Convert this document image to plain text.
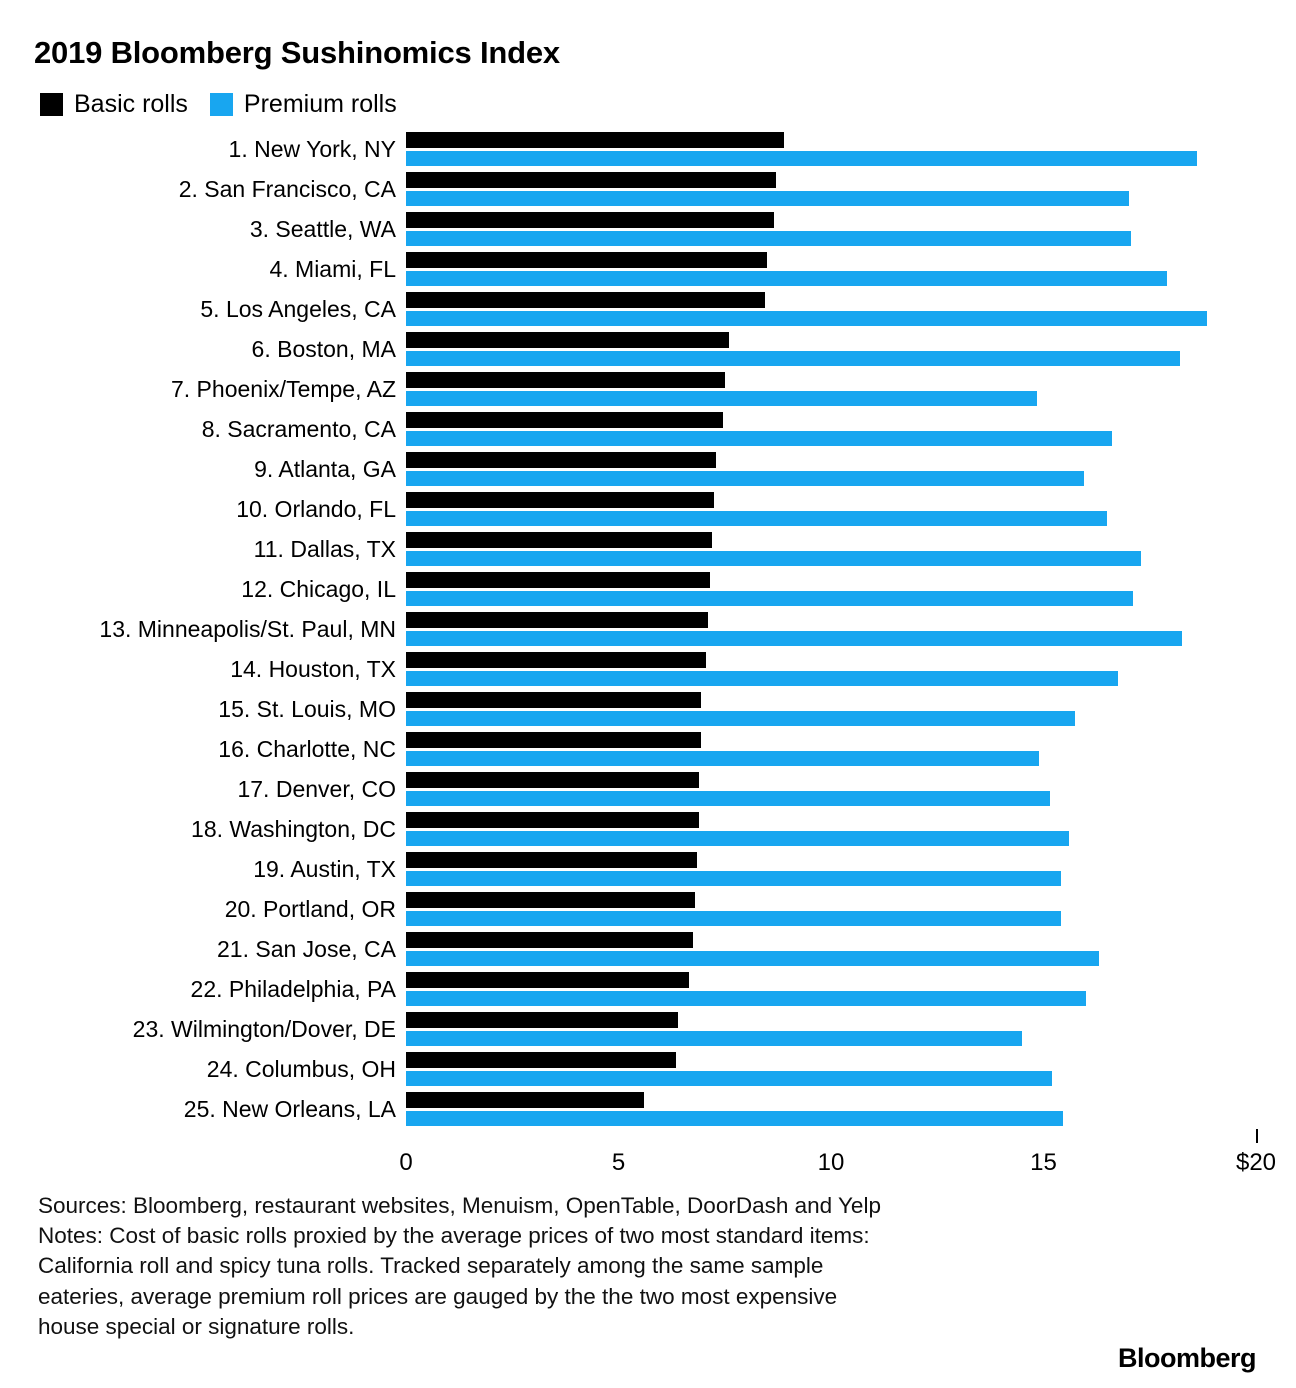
2019 Bloomberg Sushinomics Index
Basic rolls Premium rolls
1. New York, NY
2. San Francisco, CA
3. Seattle, WA
4. Miami, FL
5. Los Angeles, CA
6. Boston, MA
7. Phoenix/Tempe, AZ
8. Sacramento, CA
9. Atlanta, GA
10. Orlando, FL
11. Dallas, TX
12. Chicago, IL
13. Minneapolis/St. Paul, MN
14. Houston, TX
15. St. Louis, MO
16. Charlotte, NC
17. Denver, CO
18. Washington, DC
19. Austin, TX
20. Portland, OR
21. San Jose, CA
22. Philadelphia, PA
23. Wilmington/Dover, DE
24. Columbus, OH
25. New Orleans, LA
0	5	10	15	$20

Sources: Bloomberg, restaurant websites, Menuism, OpenTable, DoorDash and Yelp

Notes: Cost of basic rolls proxied by the average prices of two most standard items:

California roll and spicy tuna rolls. Tracked separately among the same sample

eateries, average premium roll prices are gauged by the the two most expensive

house special or signature rolls.

Bloomberg
